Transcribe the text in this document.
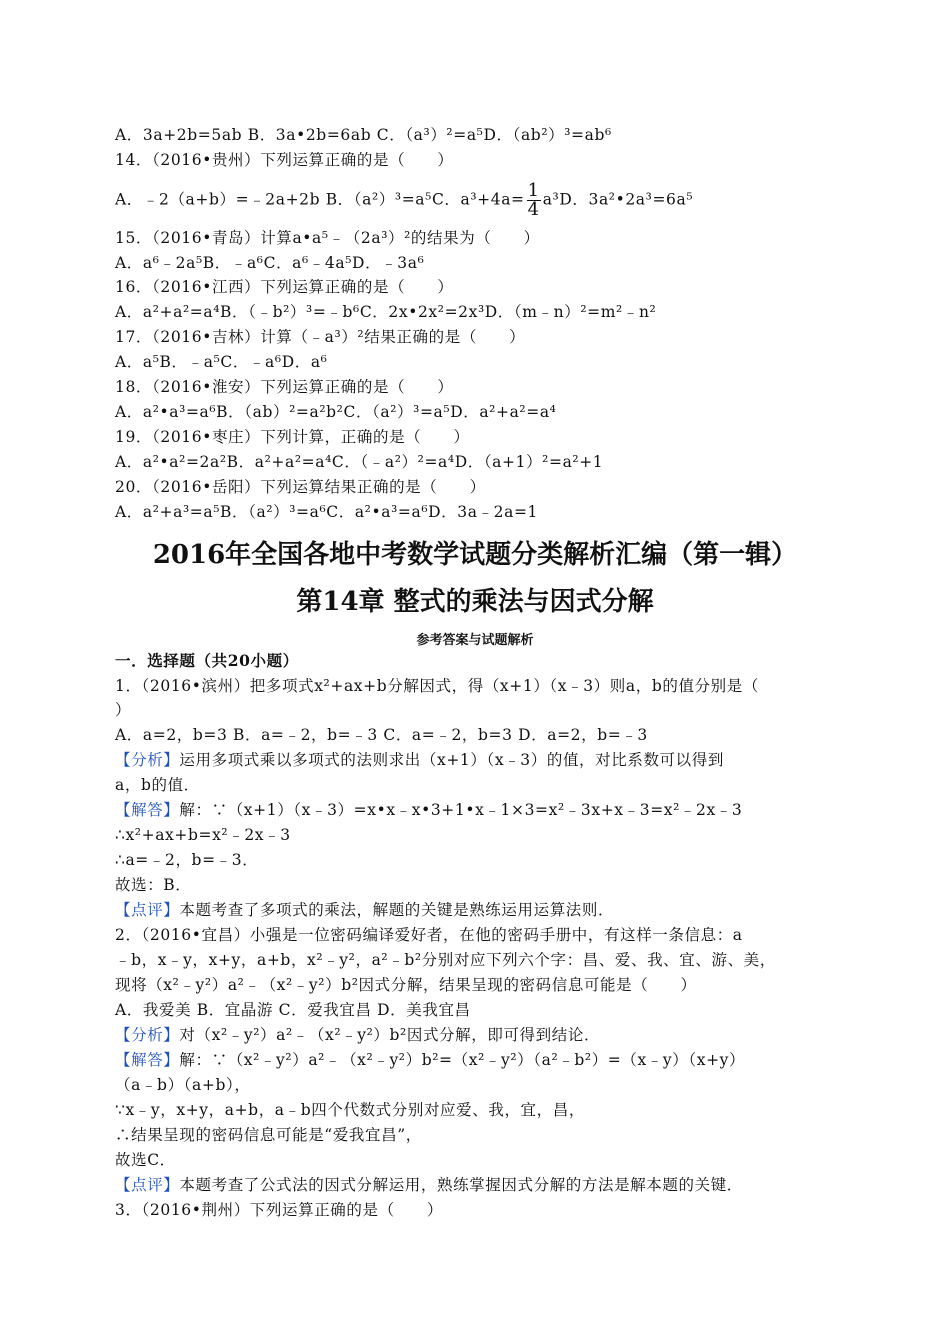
A．3a+2b=5ab B．3a•2b=6ab C．（a³）²=a⁵D．（ab²）³=ab⁶
14．（2016•贵州）下列运算正确的是（　　）
A．﹣2（a+b）=﹣2a+2b B．（a²）³=a⁵C．$a^3+4a= \frac{1}{4} a^3D$．3a²•2a³=6a⁵
15．（2016•青岛）计算a•a⁵﹣（2a³）²的结果为（　　）
A．a⁶﹣2a⁵B．﹣a⁶C．a⁶﹣4a⁵D．﹣3a⁶
16．（2016•江西）下列运算正确的是（　　）
A．a²+a²=a⁴B．（﹣b²）³=﹣b⁶C．2x•2x²=2x³D．（m﹣n）²=m²﹣n²
17．（2016•吉林）计算（﹣a³）²结果正确的是（　　）
A．a⁵B．﹣a⁵C．﹣a⁶D．a⁶
18．（2016•淮安）下列运算正确的是（　　）
A．a²•a³=a⁶B．（ab）²=a²b²C．（a²）³=a⁵D．a²+a²=a⁴
19．（2016•枣庄）下列计算，正确的是（　　）
A．a²•a²=2a²B．a²+a²=a⁴C．（﹣a²）²=a⁴D．（a+1）²=a²+1
20．（2016•岳阳）下列运算结果正确的是（　　）
A．a²+a³=a⁵B．（a²）³=a⁶C．a²•a³=a⁶D．3a﹣2a=1
2016年全国各地中考数学试题分类解析汇编（第一辑）
第14章 整式的乘法与因式分解
参考答案与试题解析
一．选择题（共20小题）
1．（2016•滨州）把多项式x²+ax+b分解因式，得（x+1）（x﹣3）则a，b的值分别是（
）
A．a=2，b=3 B．a=﹣2，b=﹣3 C．a=﹣2，b=3 D．a=2，b=﹣3
【分析】运用多项式乘以多项式的法则求出（x+1）（x﹣3）的值，对比系数可以得到
a，b的值．
【解答】解：∵（x+1）（x﹣3）=x•x﹣x•3+1•x﹣1×3=x²﹣3x+x﹣3=x²﹣2x﹣3
∴x²+ax+b=x²﹣2x﹣3
∴a=﹣2，b=﹣3．
故选：B．
【点评】本题考查了多项式的乘法，解题的关键是熟练运用运算法则．
2．（2016•宜昌）小强是一位密码编译爱好者，在他的密码手册中，有这样一条信息：a
﹣b，x﹣y，x+y，a+b，x²﹣y²，a²﹣b²分别对应下列六个字：昌、爱、我、宜、游、美，
现将（x²﹣y²）a²﹣（x²﹣y²）b²因式分解，结果呈现的密码信息可能是（　　）
A．我爱美 B．宜晶游 C．爱我宜昌 D．美我宜昌
【分析】对（x²﹣y²）a²﹣（x²﹣y²）b²因式分解，即可得到结论．
【解答】解：∵（x²﹣y²）a²﹣（x²﹣y²）b²=（x²﹣y²）（a²﹣b²）=（x﹣y）（x+y）
（a﹣b）（a+b），
∵x﹣y，x+y，a+b，a﹣b四个代数式分别对应爱、我，宜，昌，
∴结果呈现的密码信息可能是“爱我宜昌”，
故选C．
【点评】本题考查了公式法的因式分解运用，熟练掌握因式分解的方法是解本题的关键．
3．（2016•荆州）下列运算正确的是（　　）
